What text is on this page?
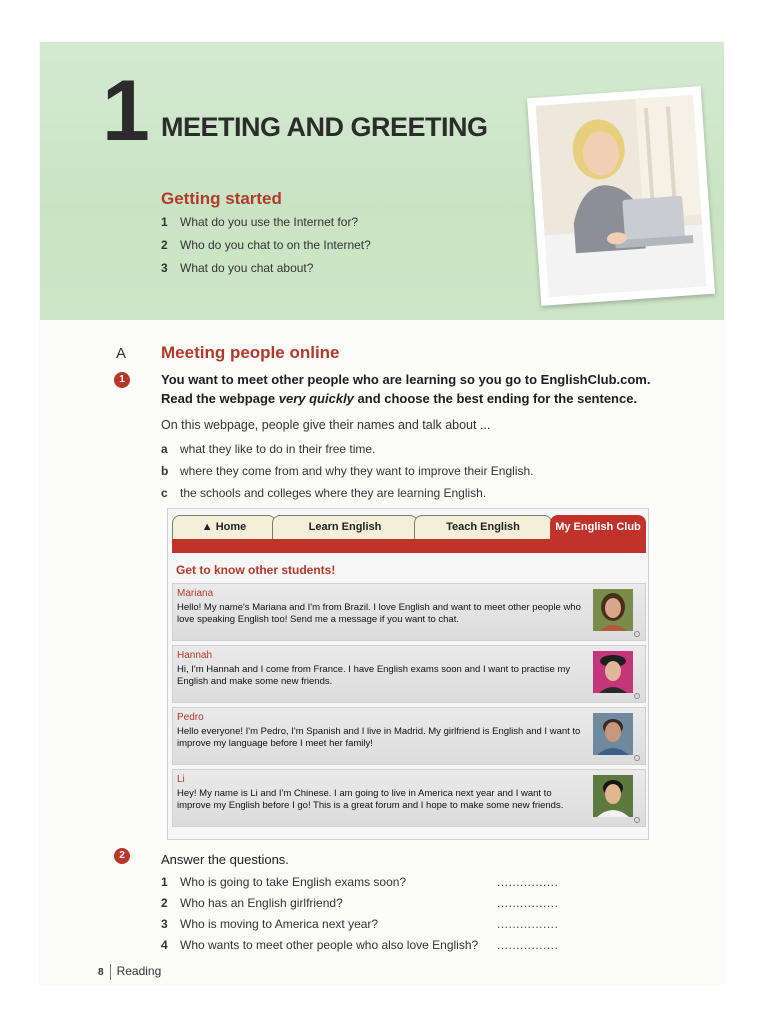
1 MEETING AND GREETING
Getting started
1 What do you use the Internet for?
2 Who do you chat to on the Internet?
3 What do you chat about?
A Meeting people online
1	You want to meet other people who are learning so you go to EnglishClub.com.
Read the webpage very quickly and choose the best ending for the sentence.
On this webpage, people give their names and talk about ...
a what they like to do in their free time.
b where they come from and why they want to improve their English.
c the schools and colleges where they are learning English.
▲ Home	Learn English	Teach English	My English Club
Get to know other students!
Mariana
Hello! My name's Mariana and I'm from Brazil. I love English and want to meet other people who love speaking English too! Send me a message if you want to chat.
Hannah
Hi, I'm Hannah and I come from France. I have English exams soon and I want to practise my English and make some new friends.
Pedro
Hello everyone! I'm Pedro, I'm Spanish and I live in Madrid. My girlfriend is English and I want to improve my language before I meet her family!
Li
Hey! My name is Li and I'm Chinese. I am going to live in America next year and I want to improve my English before I go! This is a great forum and I hope to make some new friends.
2	Answer the questions.
1 Who is going to take English exams soon?	................
2 Who has an English girlfriend?	................
3 Who is moving to America next year?	................
4 Who wants to meet other people who also love English? ................
8 Reading
